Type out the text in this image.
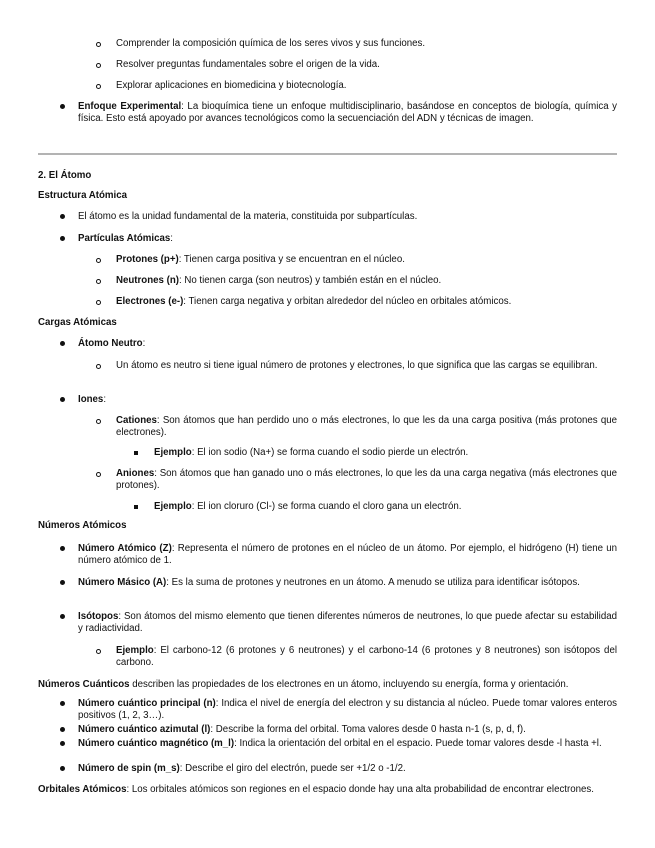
Comprender la composición química de los seres vivos y sus funciones.

Resolver preguntas fundamentales sobre el origen de la vida.

Explorar aplicaciones en biomedicina y biotecnología.

Enfoque Experimental: La bioquímica tiene un enfoque multidisciplinario, basándose en conceptos de biología, química y física. Esto está apoyado por avances tecnológicos como la secuenciación del ADN y técnicas de imagen.

2. El Átomo

Estructura Atómica

El átomo es la unidad fundamental de la materia, constituida por subpartículas.

Partículas Atómicas:

Protones (p+): Tienen carga positiva y se encuentran en el núcleo.

Neutrones (n): No tienen carga (son neutros) y también están en el núcleo.

Electrones (e-): Tienen carga negativa y orbitan alrededor del núcleo en orbitales atómicos.

Cargas Atómicas

Átomo Neutro:

Un átomo es neutro si tiene igual número de protones y electrones, lo que significa que las cargas se equilibran.

Iones:

Cationes: Son átomos que han perdido uno o más electrones, lo que les da una carga positiva (más protones que electrones).

Ejemplo: El ion sodio (Na+) se forma cuando el sodio pierde un electrón.

Aniones: Son átomos que han ganado uno o más electrones, lo que les da una carga negativa (más electrones que protones).

Ejemplo: El ion cloruro (Cl-) se forma cuando el cloro gana un electrón.

Números Atómicos

Número Atómico (Z): Representa el número de protones en el núcleo de un átomo. Por ejemplo, el hidrógeno (H) tiene un número atómico de 1.

Número Másico (A): Es la suma de protones y neutrones en un átomo. A menudo se utiliza para identificar isótopos.

Isótopos: Son átomos del mismo elemento que tienen diferentes números de neutrones, lo que puede afectar su estabilidad y radiactividad.

Ejemplo: El carbono-12 (6 protones y 6 neutrones) y el carbono-14 (6 protones y 8 neutrones) son isótopos del carbono.

Números Cuánticos describen las propiedades de los electrones en un átomo, incluyendo su energía, forma y orientación.

Número cuántico principal (n): Indica el nivel de energía del electron y su distancia al núcleo. Puede tomar valores enteros positivos (1, 2, 3…).

Número cuántico azimutal (l): Describe la forma del orbital. Toma valores desde 0 hasta n-1 (s, p, d, f).

Número cuántico magnético (m_l): Indica la orientación del orbital en el espacio. Puede tomar valores desde -l hasta +l.

Número de spin (m_s): Describe el giro del electrón, puede ser +1/2 o -1/2.

Orbitales Atómicos: Los orbitales atómicos son regiones en el espacio donde hay una alta probabilidad de encontrar electrones.
